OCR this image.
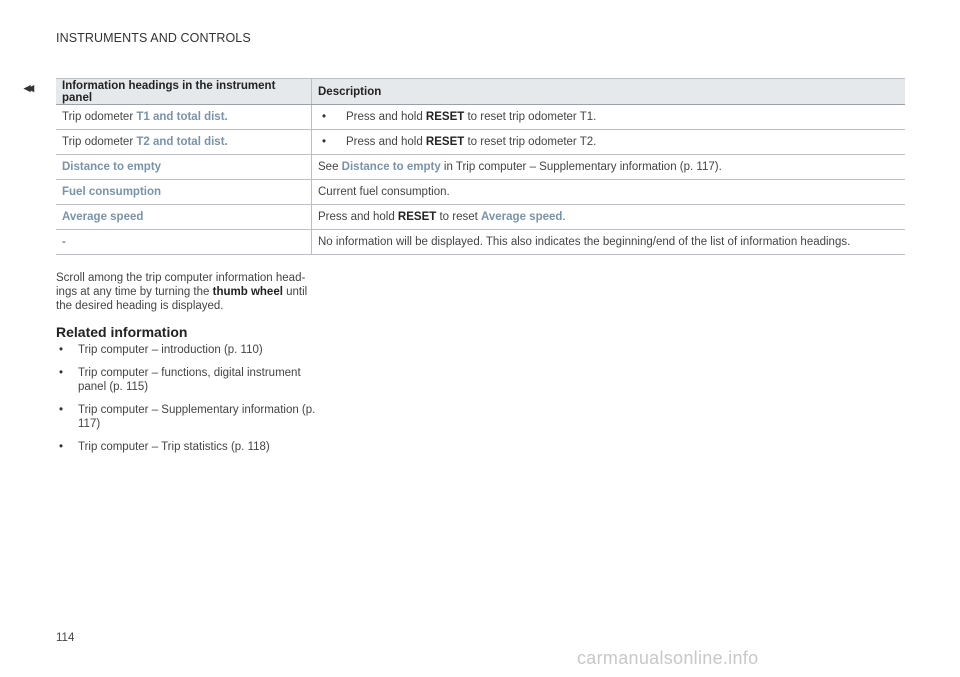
INSTRUMENTS AND CONTROLS
◂◂	Information headings in the instrument panel	Description
Trip odometer T1 and total dist.	• Press and hold RESET to reset trip odometer T1.
Trip odometer T2 and total dist.	• Press and hold RESET to reset trip odometer T2.
Distance to empty	See Distance to empty in Trip computer – Supplementary information (p. 117).
Fuel consumption	Current fuel consumption.
Average speed	Press and hold RESET to reset Average speed.
-	No information will be displayed. This also indicates the beginning/end of the list of information headings.

Scroll among the trip computer information head-ings at any time by turning the thumb wheel until the desired heading is displayed.

Related information
• Trip computer – introduction (p. 110)
• Trip computer – functions, digital instrument panel (p. 115)
• Trip computer – Supplementary information (p. 117)
• Trip computer – Trip statistics (p. 118)
114
carmanualsonline.info
